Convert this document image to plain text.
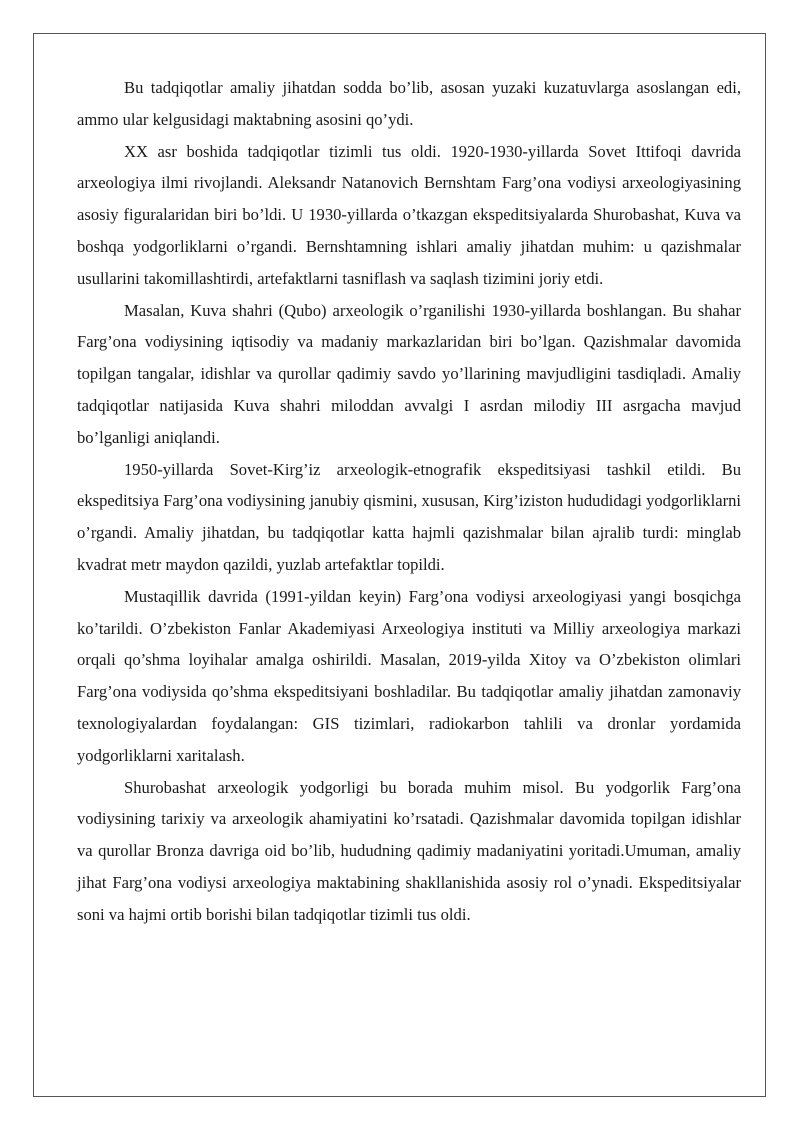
Bu tadqiqotlar amaliy jihatdan sodda bo’lib, asosan yuzaki kuzatuvlarga asoslangan edi, ammo ular kelgusidagi maktabning asosini qo’ydi.

XX asr boshida tadqiqotlar tizimli tus oldi. 1920-1930-yillarda Sovet Ittifoqi davrida arxeologiya ilmi rivojlandi. Aleksandr Natanovich Bernshtam Farg’ona vodiysi arxeologiyasining asosiy figuralaridan biri bo’ldi. U 1930-yillarda o’tkazgan ekspeditsiyalarda Shurobashat, Kuva va boshqa yodgorliklarni o’rgandi. Bernshtamning ishlari amaliy jihatdan muhim: u qazishmalar usullarini takomillashtirdi, artefaktlarni tasniflash va saqlash tizimini joriy etdi.

Masalan, Kuva shahri (Qubo) arxeologik o’rganilishi 1930-yillarda boshlangan. Bu shahar Farg’ona vodiysining iqtisodiy va madaniy markazlaridan biri bo’lgan. Qazishmalar davomida topilgan tangalar, idishlar va qurollar qadimiy savdo yo’llarining mavjudligini tasdiqladi. Amaliy tadqiqotlar natijasida Kuva shahri miloddan avvalgi I asrdan milodiy III asrgacha mavjud bo’lganligi aniqlandi.

1950-yillarda Sovet-Kirg’iz arxeologik-etnografik ekspeditsiyasi tashkil etildi. Bu ekspeditsiya Farg’ona vodiysining janubiy qismini, xususan, Kirg’iziston hududidagi yodgorliklarni o’rgandi. Amaliy jihatdan, bu tadqiqotlar katta hajmli qazishmalar bilan ajralib turdi: minglab kvadrat metr maydon qazildi, yuzlab artefaktlar topildi.

Mustaqillik davrida (1991-yildan keyin) Farg’ona vodiysi arxeologiyasi yangi bosqichga ko’tarildi. O’zbekiston Fanlar Akademiyasi Arxeologiya instituti va Milliy arxeologiya markazi orqali qo’shma loyihalar amalga oshirildi. Masalan, 2019-yilda Xitoy va O’zbekiston olimlari Farg’ona vodiysida qo’shma ekspeditsiyani boshladilar. Bu tadqiqotlar amaliy jihatdan zamonaviy texnologiyalardan foydalangan: GIS tizimlari, radiokarbon tahlili va dronlar yordamida yodgorliklarni xaritalash.

Shurobashat arxeologik yodgorligi bu borada muhim misol. Bu yodgorlik Farg’ona vodiysining tarixiy va arxeologik ahamiyatini ko’rsatadi. Qazishmalar davomida topilgan idishlar va qurollar Bronza davriga oid bo’lib, hududning qadimiy madaniyatini yoritadi.Umuman, amaliy jihat Farg’ona vodiysi arxeologiya maktabining shakllanishida asosiy rol o’ynadi. Ekspeditsiyalar soni va hajmi ortib borishi bilan tadqiqotlar tizimli tus oldi.
